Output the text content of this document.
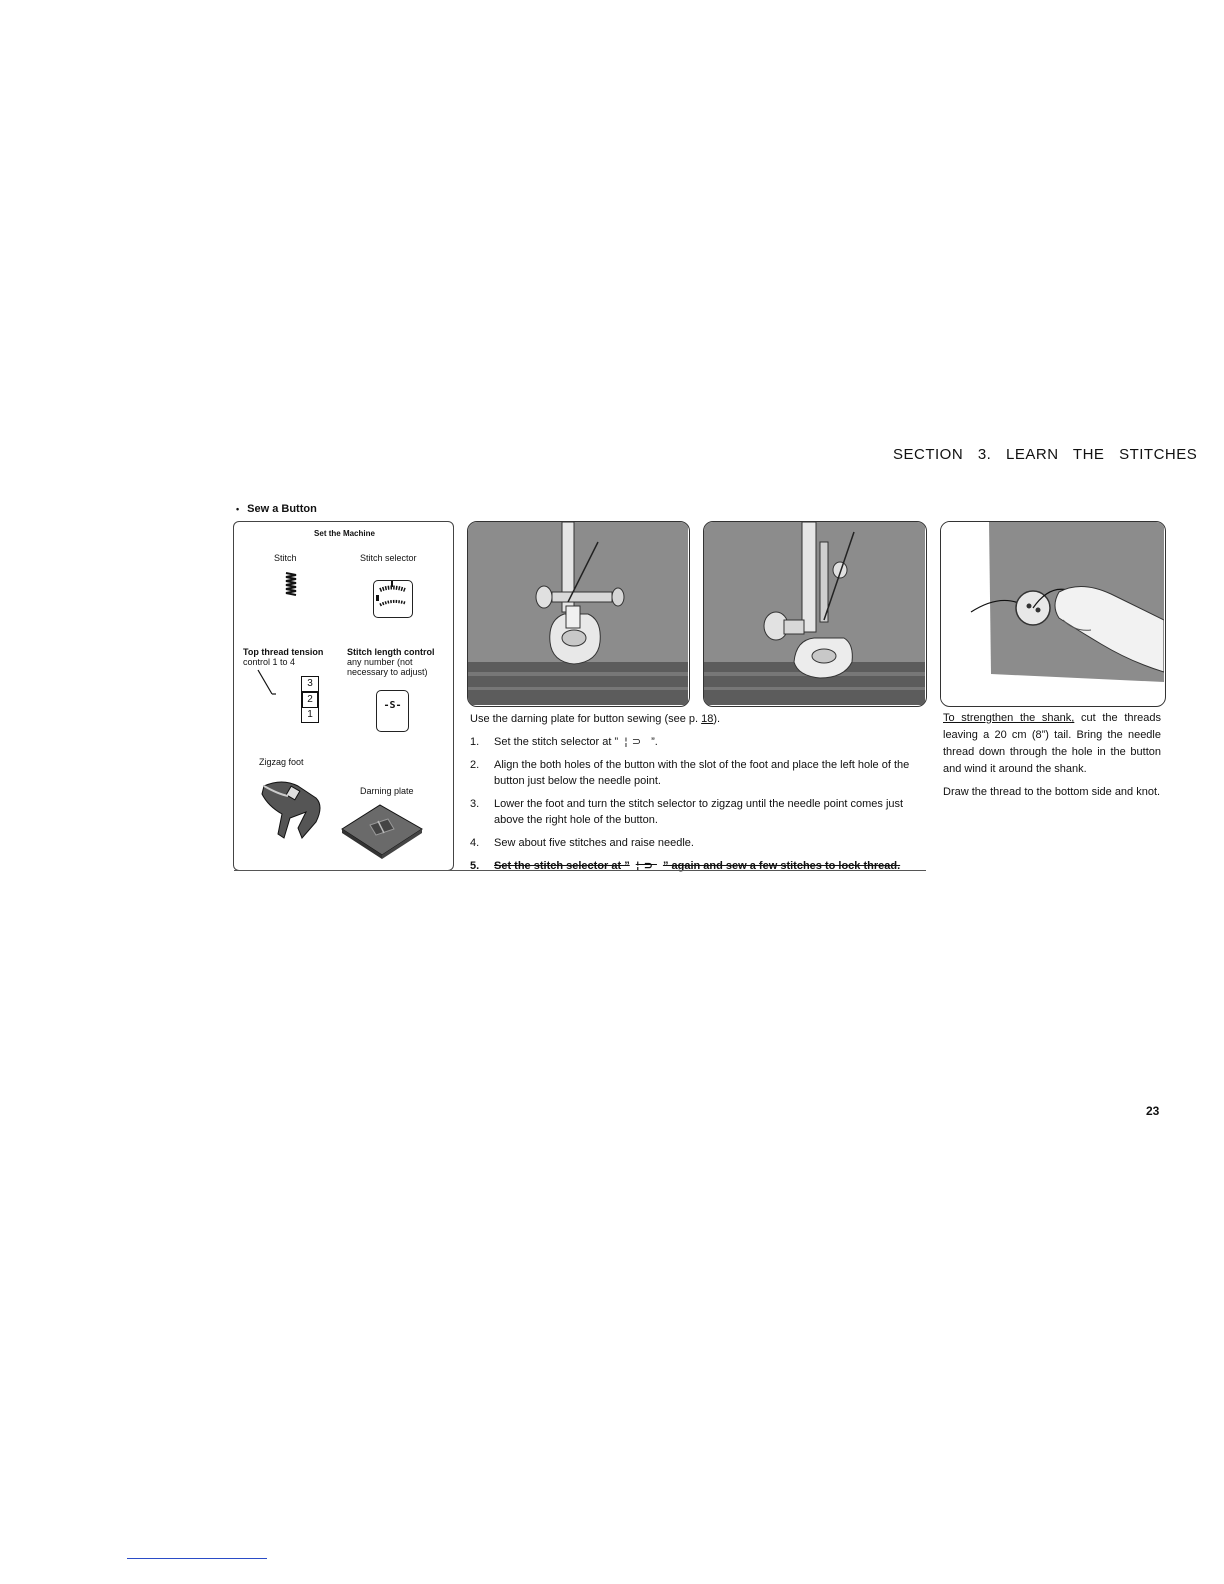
SECTION 3. LEARN THE STITCHES
• Sew a Button
Set the Machine
Stitch	Stitch selector
Top thread tension
control 1 to 4
Stitch length control
any number (not
necessary to adjust)
3
2
1
-S-
Zigzag foot
Darning plate

Use the darning plate for button sewing (see p. 18).

1. Set the stitch selector at ” ¦⊃ ”.
2. Align the both holes of the button with the slot of the foot and place the left hole of the button just below the needle point.
3. Lower the foot and turn the stitch selector to zigzag until the needle point comes just above the right hole of the button.
4. Sew about five stitches and raise needle.
5. Set the stitch selector at ” ¦⊃ ” again and sew a few stitches to lock thread.

To strengthen the shank, cut the threads leaving a 20 cm (8”) tail. Bring the needle thread down through the hole in the button and wind it around the shank.

Draw the thread to the bottom side and knot.

23
